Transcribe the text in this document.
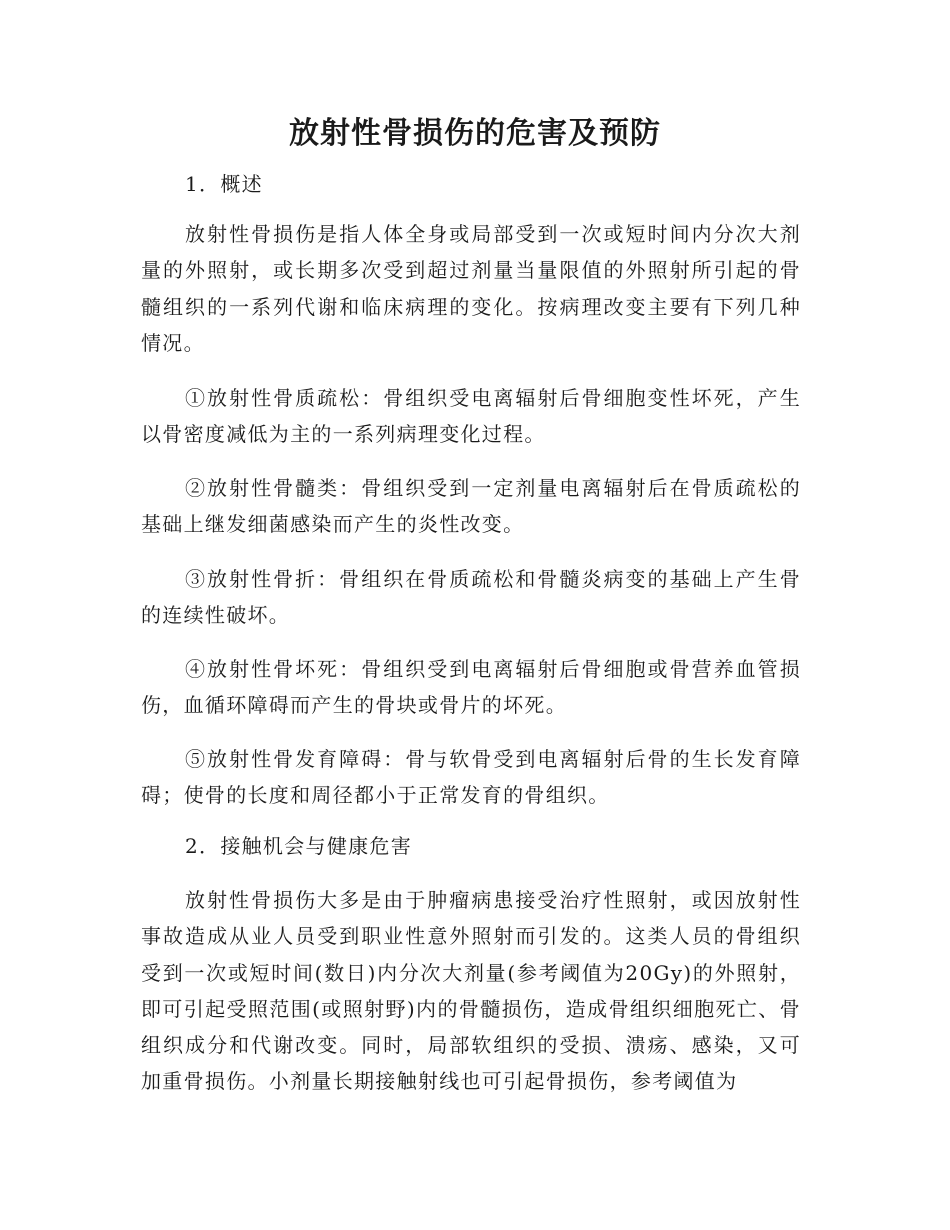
放射性骨损伤的危害及预防
1．概述
放射性骨损伤是指人体全身或局部受到一次或短时间内分次大剂量的外照射，或长期多次受到超过剂量当量限值的外照射所引起的骨髓组织的一系列代谢和临床病理的变化。按病理改变主要有下列几种情况。
①放射性骨质疏松：骨组织受电离辐射后骨细胞变性坏死，产生以骨密度减低为主的一系列病理变化过程。
②放射性骨髓类：骨组织受到一定剂量电离辐射后在骨质疏松的基础上继发细菌感染而产生的炎性改变。
③放射性骨折：骨组织在骨质疏松和骨髓炎病变的基础上产生骨的连续性破坏。
④放射性骨坏死：骨组织受到电离辐射后骨细胞或骨营养血管损伤，血循环障碍而产生的骨块或骨片的坏死。
⑤放射性骨发育障碍：骨与软骨受到电离辐射后骨的生长发育障碍；使骨的长度和周径都小于正常发育的骨组织。
2．接触机会与健康危害
放射性骨损伤大多是由于肿瘤病患接受治疗性照射，或因放射性事故造成从业人员受到职业性意外照射而引发的。这类人员的骨组织受到一次或短时间(数日)内分次大剂量(参考阈值为20Gy)的外照射，即可引起受照范围(或照射野)内的骨髓损伤，造成骨组织细胞死亡、骨组织成分和代谢改变。同时，局部软组织的受损、溃疡、感染，又可加重骨损伤。小剂量长期接触射线也可引起骨损伤，参考阈值为
